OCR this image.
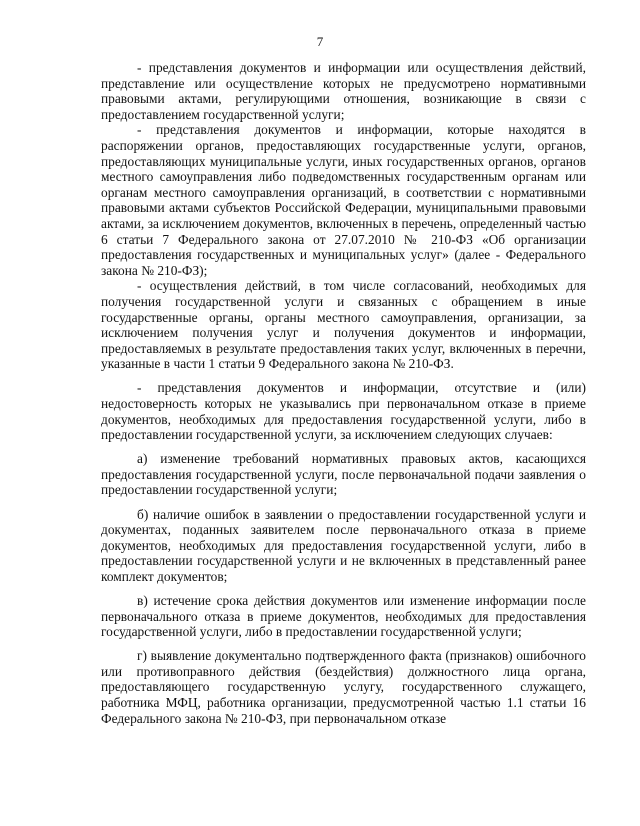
7

- представления документов и информации или осуществления действий, представление или осуществление которых не предусмотрено нормативными правовыми актами, регулирующими отношения, возникающие в связи с предоставлением государственной услуги;

- представления документов и информации, которые находятся в распоряжении органов, предоставляющих государственные услуги, органов, предоставляющих муниципальные услуги, иных государственных органов, органов местного самоуправления либо подведомственных государственным органам или органам местного самоуправления организаций, в соответствии с нормативными правовыми актами субъектов Российской Федерации, муниципальными правовыми актами, за исключением документов, включенных в перечень, определенный частью 6 статьи 7 Федерального закона от 27.07.2010 № 210-ФЗ «Об организации предоставления государственных и муниципальных услуг» (далее - Федерального закона № 210-ФЗ);

- осуществления действий, в том числе согласований, необходимых для получения государственной услуги и связанных с обращением в иные государственные органы, органы местного самоуправления, организации, за исключением получения услуг и получения документов и информации, предоставляемых в результате предоставления таких услуг, включенных в перечни, указанные в части 1 статьи 9 Федерального закона № 210-ФЗ.

- представления документов и информации, отсутствие и (или) недостоверность которых не указывались при первоначальном отказе в приеме документов, необходимых для предоставления государственной услуги, либо в предоставлении государственной услуги, за исключением следующих случаев:

а) изменение требований нормативных правовых актов, касающихся предоставления государственной услуги, после первоначальной подачи заявления о предоставлении государственной услуги;

б) наличие ошибок в заявлении о предоставлении государственной услуги и документах, поданных заявителем после первоначального отказа в приеме документов, необходимых для предоставления государственной услуги, либо в предоставлении государственной услуги и не включенных в представленный ранее комплект документов;

в) истечение срока действия документов или изменение информации после первоначального отказа в приеме документов, необходимых для предоставления государственной услуги, либо в предоставлении государственной услуги;

г) выявление документально подтвержденного факта (признаков) ошибочного или противоправного действия (бездействия) должностного лица органа, предоставляющего государственную услугу, государственного служащего, работника МФЦ, работника организации, предусмотренной частью 1.1 статьи 16 Федерального закона № 210-ФЗ, при первоначальном отказе
